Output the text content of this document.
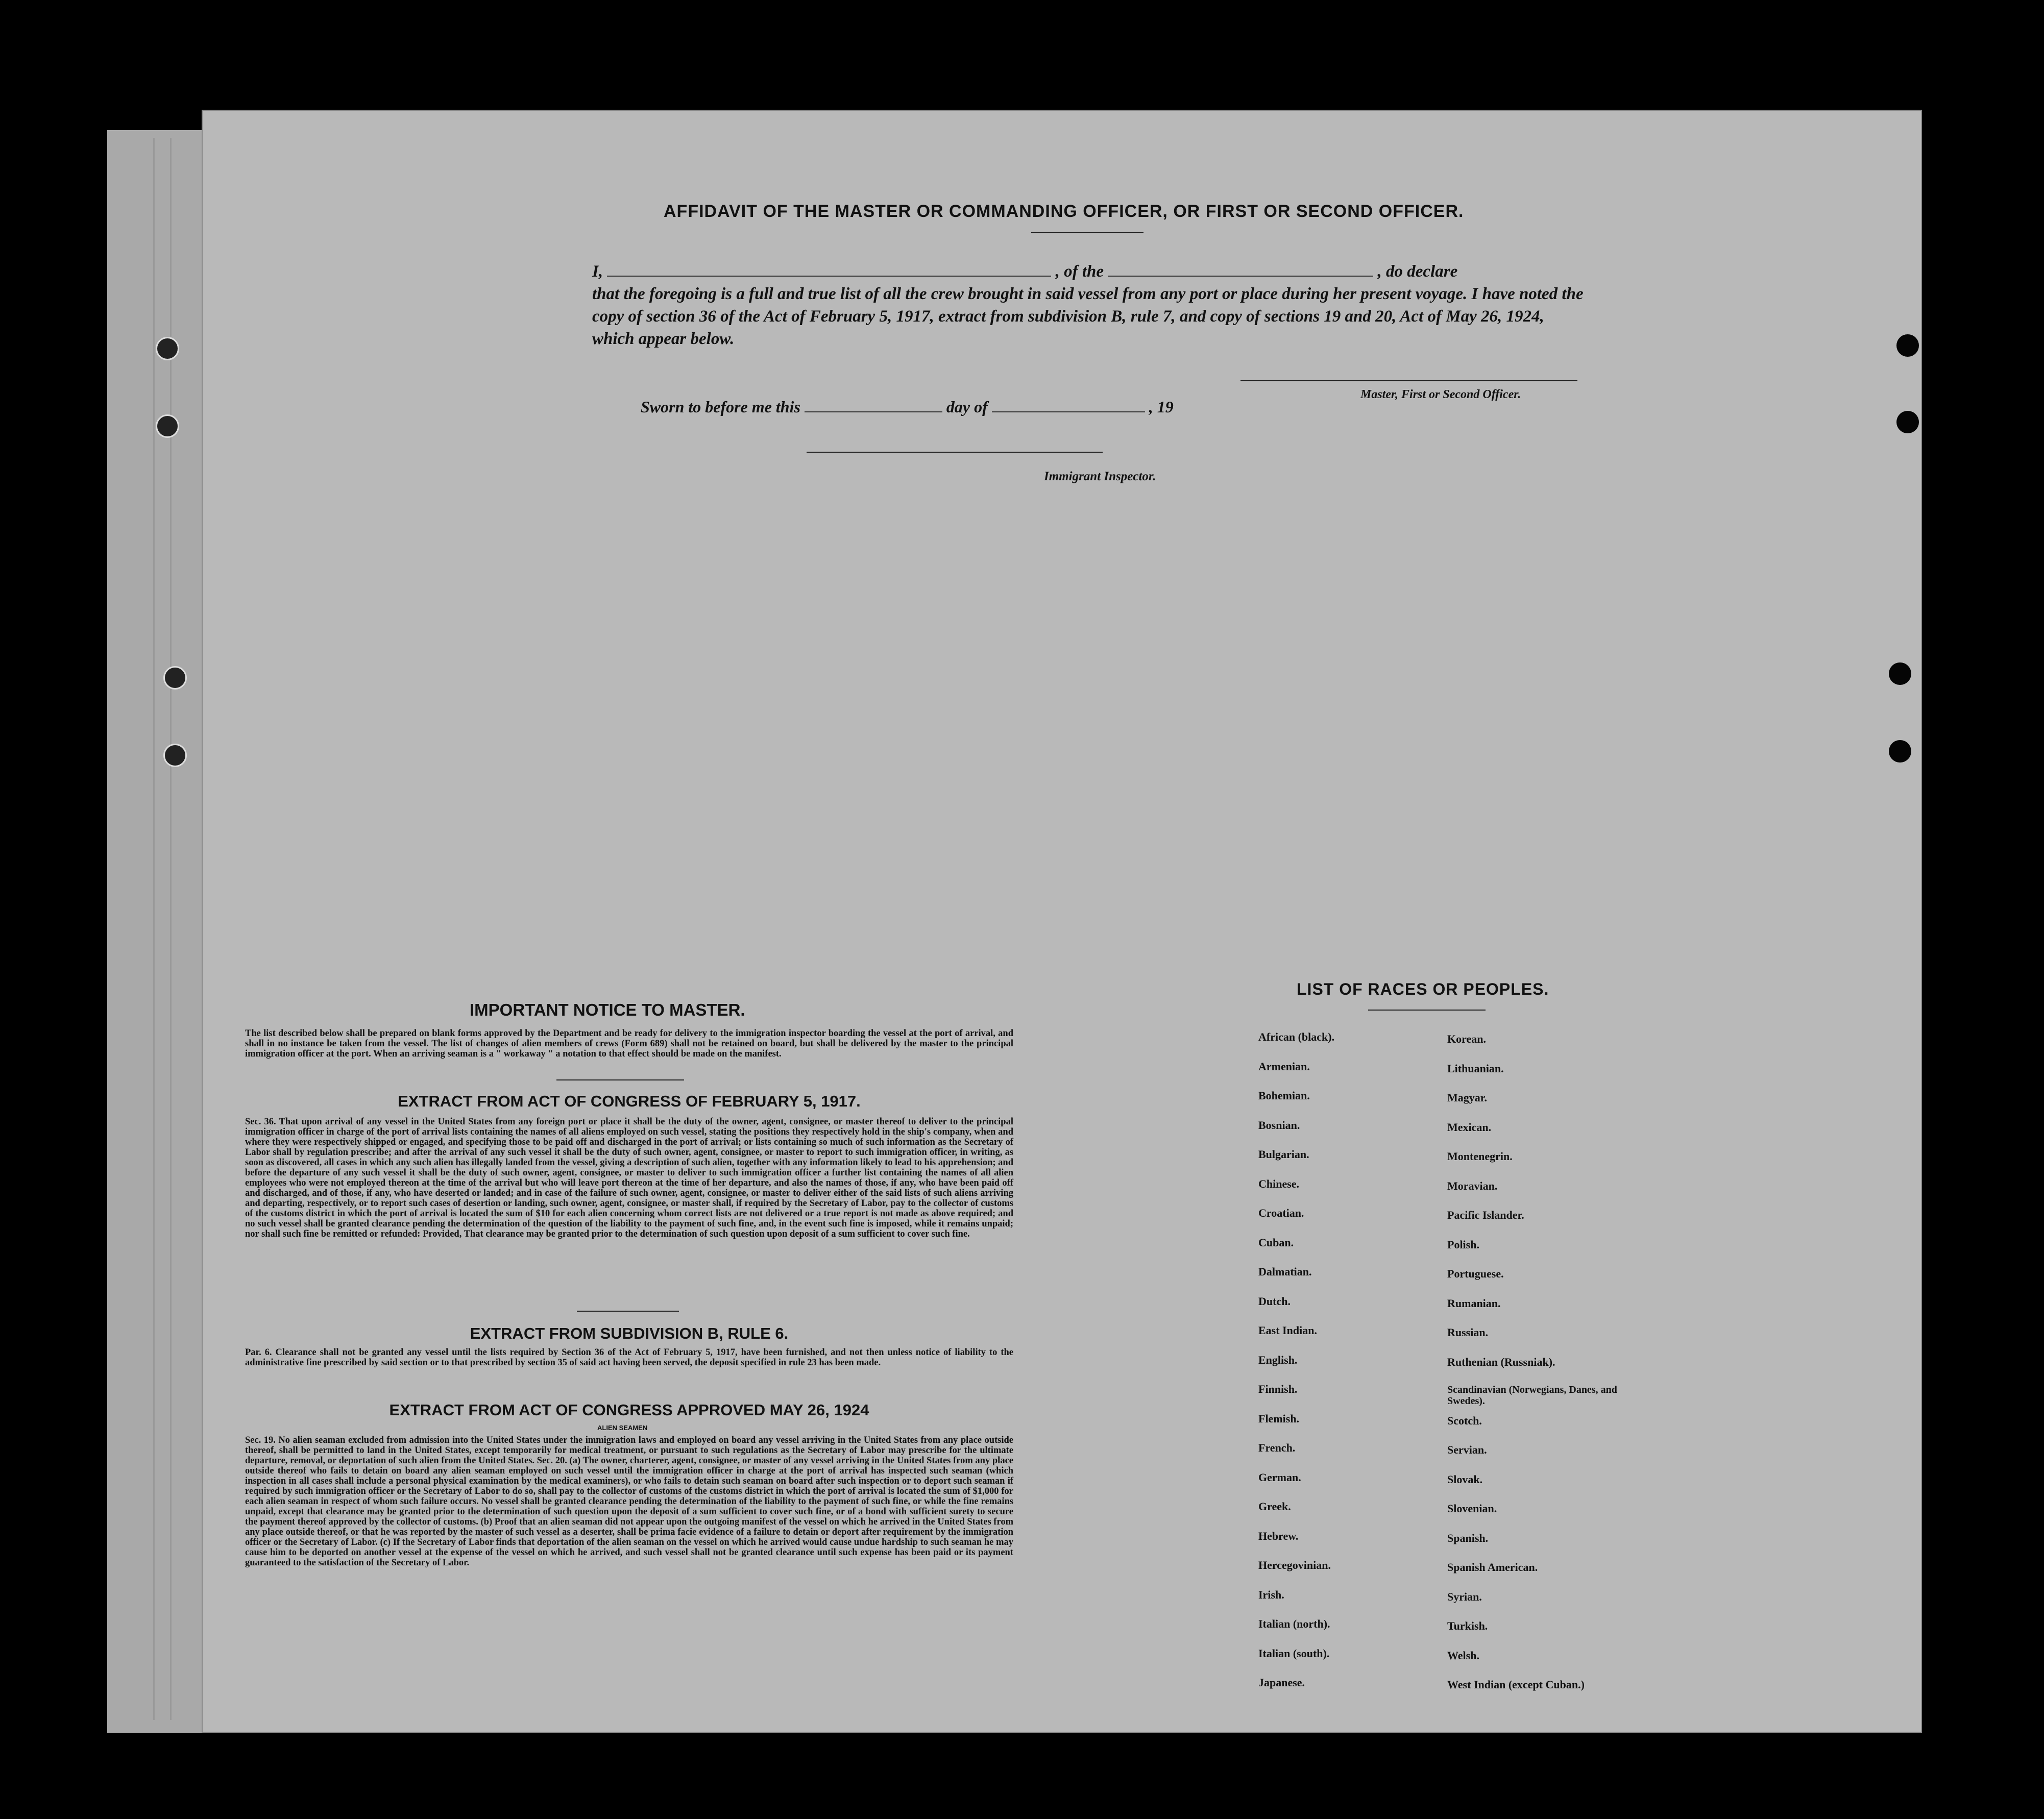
AFFIDAVIT OF THE MASTER OR COMMANDING OFFICER, OR FIRST OR SECOND OFFICER.
I,	, of the	, do declare
that the foregoing is a full and true list of all the crew brought in said vessel from any port or place during her present voyage. I have noted the copy of section 36 of the Act of February 5, 1917, extract from subdivision B, rule 7, and copy of sections 19 and 20, Act of May 26, 1924, which appear below.
Master, First or Second Officer.
Sworn to before me this	day of	, 19
Immigrant Inspector.
IMPORTANT NOTICE TO MASTER.
The list described below shall be prepared on blank forms approved by the Department and be ready for delivery to the immigration inspector boarding the vessel at the port of arrival, and shall in no instance be taken from the vessel. The list of changes of alien members of crews (Form 689) shall not be retained on board, but shall be delivered by the master to the principal immigration officer at the port. When an arriving seaman is a " workaway " a notation to that effect should be made on the manifest.
EXTRACT FROM ACT OF CONGRESS OF FEBRUARY 5, 1917.
Sec. 36. That upon arrival of any vessel in the United States from any foreign port or place it shall be the duty of the owner, agent, consignee, or master thereof to deliver to the principal immigration officer in charge of the port of arrival lists containing the names of all aliens employed on such vessel, stating the positions they respectively hold in the ship's company, when and where they were respectively shipped or engaged, and specifying those to be paid off and discharged in the port of arrival; or lists containing so much of such information as the Secretary of Labor shall by regulation prescribe; and after the arrival of any such vessel it shall be the duty of such owner, agent, consignee, or master to report to such immigration officer, in writing, as soon as discovered, all cases in which any such alien has illegally landed from the vessel, giving a description of such alien, together with any information likely to lead to his apprehension; and before the departure of any such vessel it shall be the duty of such owner, agent, consignee, or master to deliver to such immigration officer a further list containing the names of all alien employees who were not employed thereon at the time of the arrival but who will leave port thereon at the time of her departure, and also the names of those, if any, who have been paid off and discharged, and of those, if any, who have deserted or landed; and in case of the failure of such owner, agent, consignee, or master to deliver either of the said lists of such aliens arriving and departing, respectively, or to report such cases of desertion or landing, such owner, agent, consignee, or master shall, if required by the Secretary of Labor, pay to the collector of customs of the customs district in which the port of arrival is located the sum of $10 for each alien concerning whom correct lists are not delivered or a true report is not made as above required; and no such vessel shall be granted clearance pending the determination of the question of the liability to the payment of such fine, and, in the event such fine is imposed, while it remains unpaid; nor shall such fine be remitted or refunded: Provided, That clearance may be granted prior to the determination of such question upon deposit of a sum sufficient to cover such fine.
EXTRACT FROM SUBDIVISION B, RULE 6.
Par. 6. Clearance shall not be granted any vessel until the lists required by Section 36 of the Act of February 5, 1917, have been furnished, and not then unless notice of liability to the administrative fine prescribed by said section or to that prescribed by section 35 of said act having been served, the deposit specified in rule 23 has been made.
EXTRACT FROM ACT OF CONGRESS APPROVED MAY 26, 1924
ALIEN SEAMEN
Sec. 19. No alien seaman excluded from admission into the United States under the immigration laws and employed on board any vessel arriving in the United States from any place outside thereof, shall be permitted to land in the United States, except temporarily for medical treatment, or pursuant to such regulations as the Secretary of Labor may prescribe for the ultimate departure, removal, or deportation of such alien from the United States. Sec. 20. (a) The owner, charterer, agent, consignee, or master of any vessel arriving in the United States from any place outside thereof who fails to detain on board any alien seaman employed on such vessel until the immigration officer in charge at the port of arrival has inspected such seaman (which inspection in all cases shall include a personal physical examination by the medical examiners), or who fails to detain such seaman on board after such inspection or to deport such seaman if required by such immigration officer or the Secretary of Labor to do so, shall pay to the collector of customs of the customs district in which the port of arrival is located the sum of $1,000 for each alien seaman in respect of whom such failure occurs. No vessel shall be granted clearance pending the determination of the liability to the payment of such fine, or while the fine remains unpaid, except that clearance may be granted prior to the determination of such question upon the deposit of a sum sufficient to cover such fine, or of a bond with sufficient surety to secure the payment thereof approved by the collector of customs. (b) Proof that an alien seaman did not appear upon the outgoing manifest of the vessel on which he arrived in the United States from any place outside thereof, or that he was reported by the master of such vessel as a deserter, shall be prima facie evidence of a failure to detain or deport after requirement by the immigration officer or the Secretary of Labor. (c) If the Secretary of Labor finds that deportation of the alien seaman on the vessel on which he arrived would cause undue hardship to such seaman he may cause him to be deported on another vessel at the expense of the vessel on which he arrived, and such vessel shall not be granted clearance until such expense has been paid or its payment guaranteed to the satisfaction of the Secretary of Labor.
LIST OF RACES OR PEOPLES.
African (black).
Armenian.
Bohemian.
Bosnian.
Bulgarian.
Chinese.
Croatian.
Cuban.
Dalmatian.
Dutch.
East Indian.
English.
Finnish.
Flemish.
French.
German.
Greek.
Hebrew.
Hercegovinian.
Irish.
Italian (north).
Italian (south).
Japanese.
Korean.
Lithuanian.
Magyar.
Mexican.
Montenegrin.
Moravian.
Pacific Islander.
Polish.
Portuguese.
Rumanian.
Russian.
Ruthenian (Russniak).
Scandinavian (Norwegians, Danes, and Swedes).
Scotch.
Servian.
Slovak.
Slovenian.
Spanish.
Spanish American.
Syrian.
Turkish.
Welsh.
West Indian (except Cuban.)
